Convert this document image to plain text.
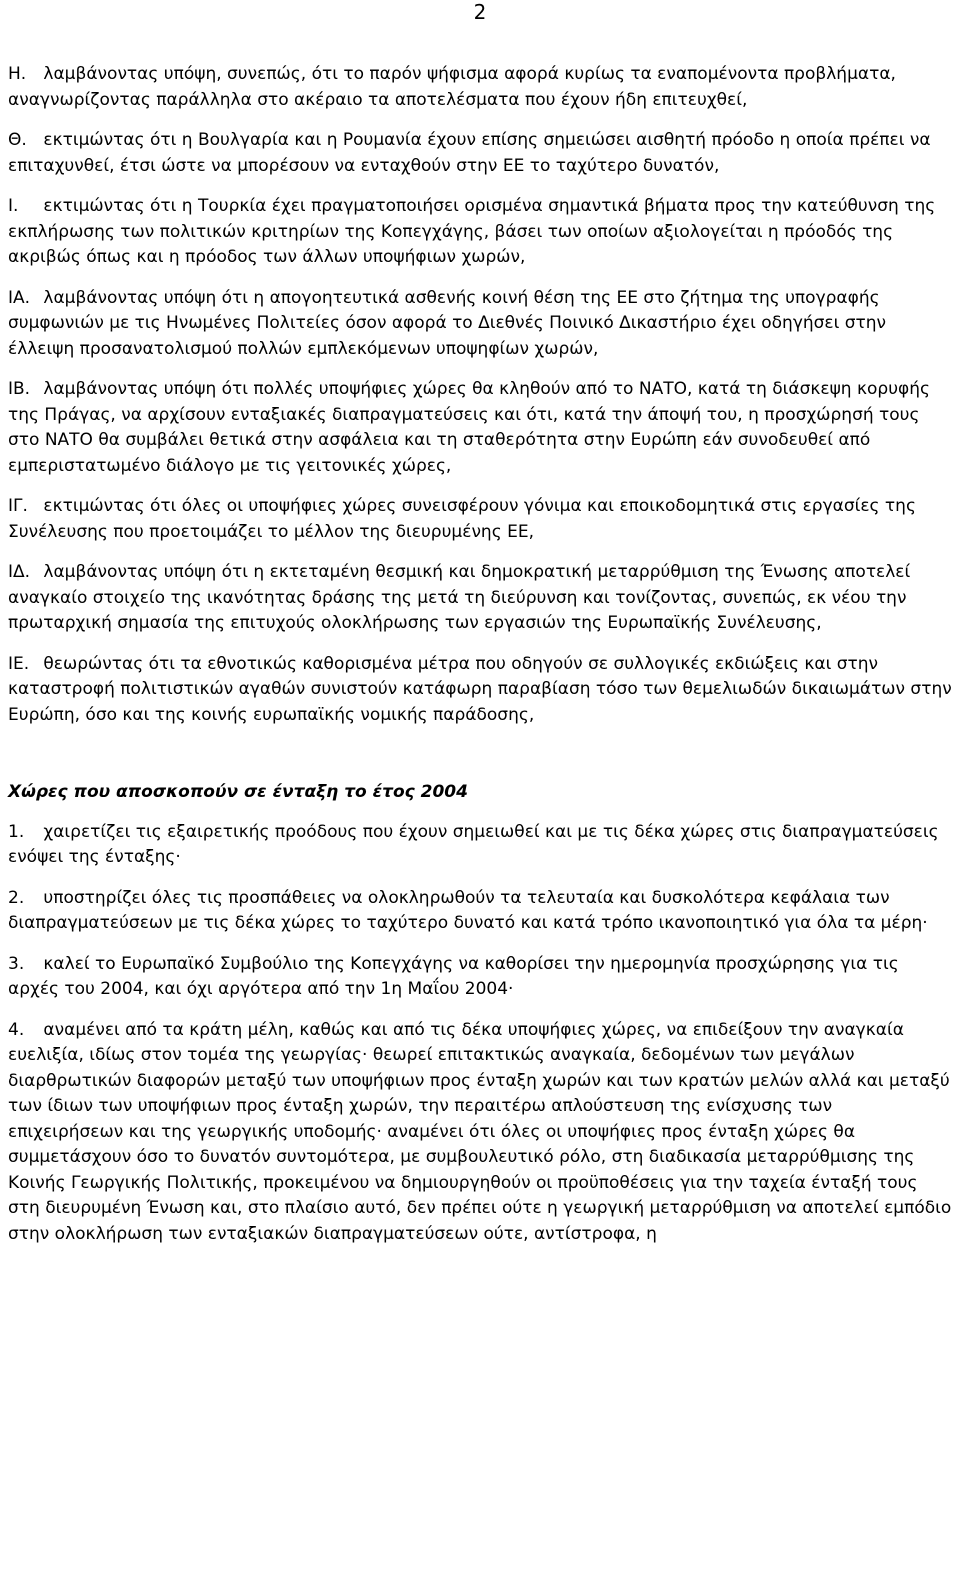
2

Η. λαμβάνοντας υπόψη, συνεπώς, ότι το παρόν ψήφισμα αφορά κυρίως τα εναπομένοντα προβλήματα, αναγνωρίζοντας παράλληλα στο ακέραιο τα αποτελέσματα που έχουν ήδη επιτευχθεί,

Θ. εκτιμώντας ότι η Βουλγαρία και η Ρουμανία έχουν επίσης σημειώσει αισθητή πρόοδο η οποία πρέπει να επιταχυνθεί, έτσι ώστε να μπορέσουν να ενταχθούν στην ΕΕ το ταχύτερο δυνατόν,

Ι. εκτιμώντας ότι η Τουρκία έχει πραγματοποιήσει ορισμένα σημαντικά βήματα προς την κατεύθυνση της εκπλήρωσης των πολιτικών κριτηρίων της Κοπεγχάγης, βάσει των οποίων αξιολογείται η πρόοδός της ακριβώς όπως και η πρόοδος των άλλων υποψήφιων χωρών,

ΙΑ. λαμβάνοντας υπόψη ότι η απογοητευτικά ασθενής κοινή θέση της ΕΕ στο ζήτημα της υπογραφής συμφωνιών με τις Ηνωμένες Πολιτείες όσον αφορά το Διεθνές Ποινικό Δικαστήριο έχει οδηγήσει στην έλλειψη προσανατολισμού πολλών εμπλεκόμενων υποψηφίων χωρών,

ΙΒ. λαμβάνοντας υπόψη ότι πολλές υποψήφιες χώρες θα κληθούν από το ΝΑΤΟ, κατά τη διάσκεψη κορυφής της Πράγας, να αρχίσουν ενταξιακές διαπραγματεύσεις και ότι, κατά την άποψή του, η προσχώρησή τους στο ΝΑΤΟ θα συμβάλει θετικά στην ασφάλεια και τη σταθερότητα στην Ευρώπη εάν συνοδευθεί από εμπεριστατωμένο διάλογο με τις γειτονικές χώρες,

ΙΓ. εκτιμώντας ότι όλες οι υποψήφιες χώρες συνεισφέρουν γόνιμα και εποικοδομητικά στις εργασίες της Συνέλευσης που προετοιμάζει το μέλλον της διευρυμένης ΕΕ,

ΙΔ. λαμβάνοντας υπόψη ότι η εκτεταμένη θεσμική και δημοκρατική μεταρρύθμιση της Ένωσης αποτελεί αναγκαίο στοιχείο της ικανότητας δράσης της μετά τη διεύρυνση και τονίζοντας, συνεπώς, εκ νέου την πρωταρχική σημασία της επιτυχούς ολοκλήρωσης των εργασιών της Ευρωπαϊκής Συνέλευσης,

ΙΕ. θεωρώντας ότι τα εθνοτικώς καθορισμένα μέτρα που οδηγούν σε συλλογικές εκδιώξεις και στην καταστροφή πολιτιστικών αγαθών συνιστούν κατάφωρη παραβίαση τόσο των θεμελιωδών δικαιωμάτων στην Ευρώπη, όσο και της κοινής ευρωπαϊκής νομικής παράδοσης,

Χώρες που αποσκοπούν σε ένταξη το έτος 2004

1. χαιρετίζει τις εξαιρετικής προόδους που έχουν σημειωθεί και με τις δέκα χώρες στις διαπραγματεύσεις ενόψει της ένταξης·

2. υποστηρίζει όλες τις προσπάθειες να ολοκληρωθούν τα τελευταία και δυσκολότερα κεφάλαια των διαπραγματεύσεων με τις δέκα χώρες το ταχύτερο δυνατό και κατά τρόπο ικανοποιητικό για όλα τα μέρη·

3. καλεί το Ευρωπαϊκό Συμβούλιο της Κοπεγχάγης να καθορίσει την ημερομηνία προσχώρησης για τις αρχές του 2004, και όχι αργότερα από την 1η Μαΐου 2004·

4. αναμένει από τα κράτη μέλη, καθώς και από τις δέκα υποψήφιες χώρες, να επιδείξουν την αναγκαία ευελιξία, ιδίως στον τομέα της γεωργίας· θεωρεί επιτακτικώς αναγκαία, δεδομένων των μεγάλων διαρθρωτικών διαφορών μεταξύ των υποψήφιων προς ένταξη χωρών και των κρατών μελών αλλά και μεταξύ των ίδιων των υποψήφιων προς ένταξη χωρών, την περαιτέρω απλούστευση της ενίσχυσης των επιχειρήσεων και της γεωργικής υποδομής· αναμένει ότι όλες οι υποψήφιες προς ένταξη χώρες θα συμμετάσχουν όσο το δυνατόν συντομότερα, με συμβουλευτικό ρόλο, στη διαδικασία μεταρρύθμισης της Κοινής Γεωργικής Πολιτικής, προκειμένου να δημιουργηθούν οι προϋποθέσεις για την ταχεία ένταξή τους στη διευρυμένη Ένωση και, στο πλαίσιο αυτό, δεν πρέπει ούτε η γεωργική μεταρρύθμιση να αποτελεί εμπόδιο στην ολοκλήρωση των ενταξιακών διαπραγματεύσεων ούτε, αντίστροφα, η
